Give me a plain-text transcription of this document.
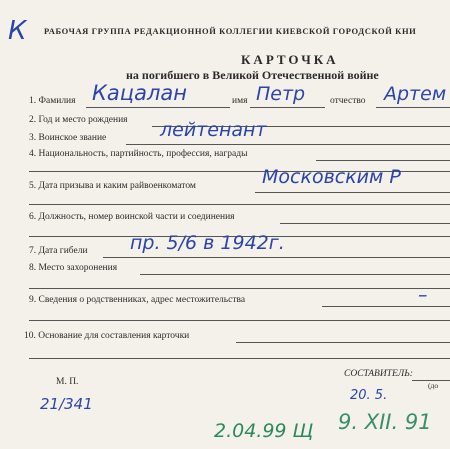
К РАБОЧАЯ ГРУППА РЕДАКЦИОННОЙ КОЛЛЕГИИ КИЕВСКОЙ ГОРОДСКОЙ КНИ
КАРТОЧКА
на погибшего в Великой Отечественной войне
1. Фамилия Кацалан	имя Петр	отчество Артем
2. Год и место рождения
3. Воинское звание	лейтенант
4. Национальность, партийность, профессия, награды
5. Дата призыва и каким райвоенкоматом	Московским Р
6. Должность, номер воинской части и соединения
7. Дата гибели пр. 5/6 в 1942г.
8. Место захоронения
9. Сведения о родственниках, адрес местожительства	–
10. Основание для составления карточки
СОСТАВИТЕЛЬ:
(до
М. П.
20. 5.
21/341
2.04.99 Щ 9. XII. 91
